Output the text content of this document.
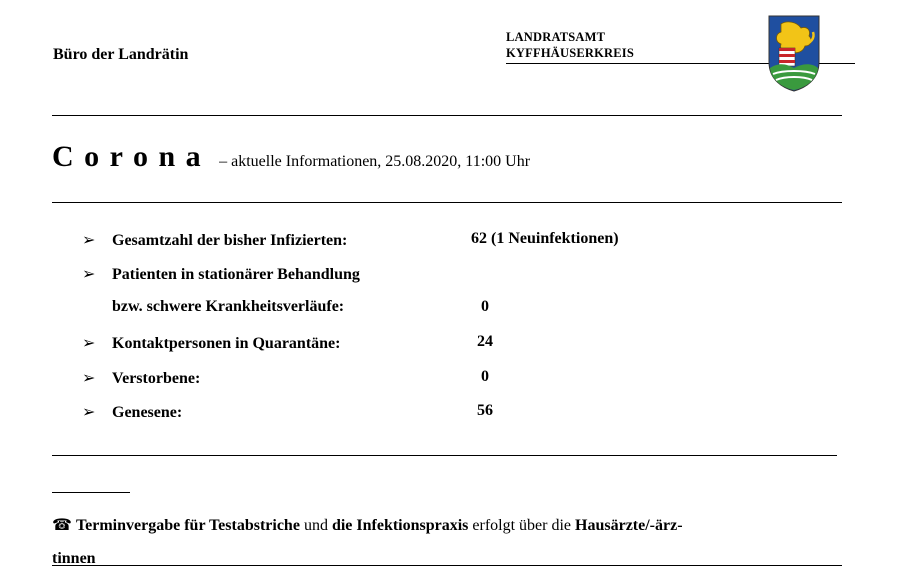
Büro der Landrätin
LANDRATSAMT
KYFFHÄUSERKREIS
Corona – aktuelle Informationen, 25.08.2020, 11:00 Uhr
➢ Gesamtzahl der bisher Infizierten:	62 (1 Neuinfektionen)
➢ Patienten in stationärer Behandlung
bzw. schwere Krankheitsverläufe:	0
➢ Kontaktpersonen in Quarantäne:	24
➢ Verstorbene:	0
➢ Genesene:	56
☎ Terminvergabe für Testabstriche und die Infektionspraxis erfolgt über die Hausärzte/-ärz-
tinnen
